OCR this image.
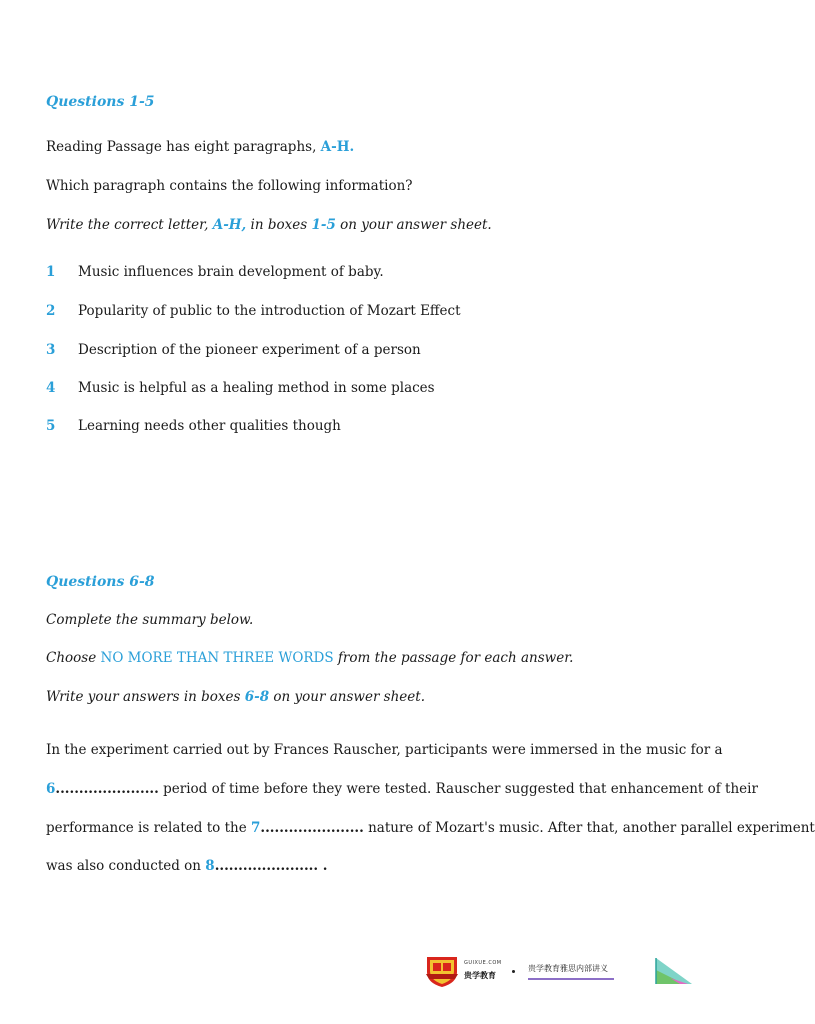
Questions 1-5
Reading Passage has eight paragraphs, A-H.
Which paragraph contains the following information?
Write the correct letter, A-H, in boxes 1-5 on your answer sheet.
1 Music influences brain development of baby.
2 Popularity of public to the introduction of Mozart Effect
3 Description of the pioneer experiment of a person
4 Music is helpful as a healing method in some places
5 Learning needs other qualities though
Questions 6-8
Complete the summary below.
Choose NO MORE THAN THREE WORDS from the passage for each answer.
Write your answers in boxes 6-8 on your answer sheet.
In the experiment carried out by Frances Rauscher, participants were immersed in the music for a
6...................... period of time before they were tested. Rauscher suggested that enhancement of their
performance is related to the 7...................... nature of Mozart's music. After that, another parallel experiment
was also conducted on 8...................... .
GUIXUE.COM
贵学教育
贵学教育雅思内部讲义
